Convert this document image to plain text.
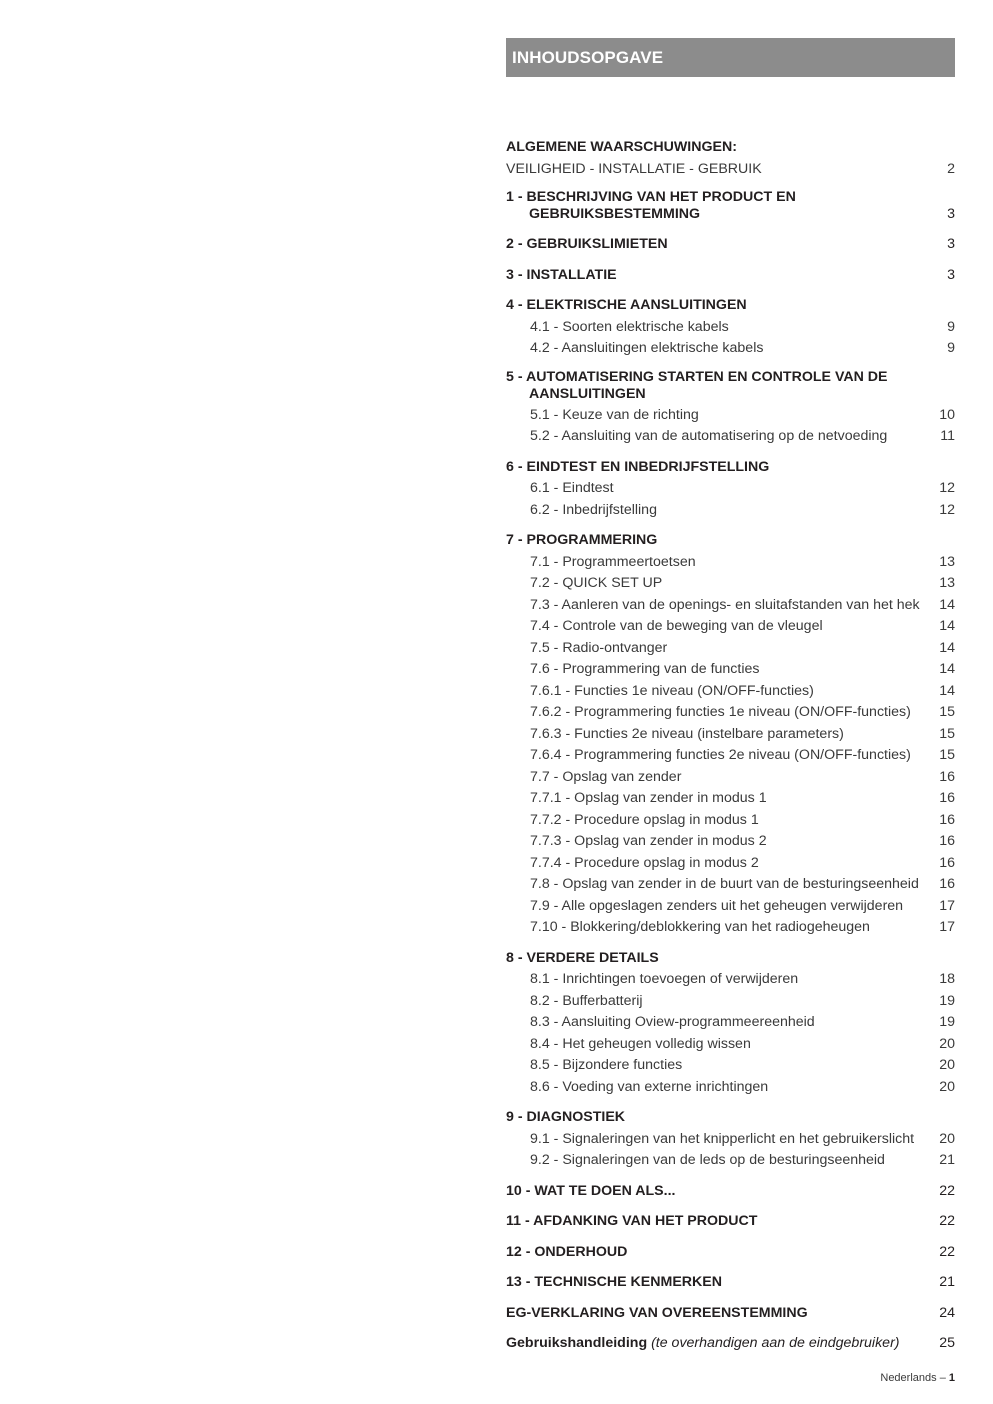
INHOUDSOPGAVE
ALGEMENE WAARSCHUWINGEN:
VEILIGHEID - INSTALLATIE - GEBRUIK	2
1 - BESCHRIJVING VAN HET PRODUCT EN
GEBRUIKSBESTEMMING	3
2 - GEBRUIKSLIMIETEN	3
3 - INSTALLATIE	3
4 - ELEKTRISCHE AANSLUITINGEN
4.1 - Soorten elektrische kabels	9
4.2 - Aansluitingen elektrische kabels	9
5 - AUTOMATISERING STARTEN EN CONTROLE VAN DE
AANSLUITINGEN
5.1 - Keuze van de richting	10
5.2 - Aansluiting van de automatisering op de netvoeding	11
6 - EINDTEST EN INBEDRIJFSTELLING
6.1 - Eindtest	12
6.2 - Inbedrijfstelling	12
7 - PROGRAMMERING
7.1 - Programmeertoetsen	13
7.2 - QUICK SET UP	13
7.3 - Aanleren van de openings- en sluitafstanden van het hek	14
7.4 - Controle van de beweging van de vleugel	14
7.5 - Radio-ontvanger	14
7.6 - Programmering van de functies	14
7.6.1 - Functies 1e niveau (ON/OFF-functies)	14
7.6.2 - Programmering functies 1e niveau (ON/OFF-functies)	15
7.6.3 - Functies 2e niveau (instelbare parameters)	15
7.6.4 - Programmering functies 2e niveau (ON/OFF-functies)	15
7.7 - Opslag van zender	16
7.7.1 - Opslag van zender in modus 1	16
7.7.2 - Procedure opslag in modus 1	16
7.7.3 - Opslag van zender in modus 2	16
7.7.4 - Procedure opslag in modus 2	16
7.8 - Opslag van zender in de buurt van de besturingseenheid	16
7.9 - Alle opgeslagen zenders uit het geheugen verwijderen	17
7.10 - Blokkering/deblokkering van het radiogeheugen	17
8 - VERDERE DETAILS
8.1 - Inrichtingen toevoegen of verwijderen	18
8.2 - Bufferbatterij	19
8.3 - Aansluiting Oview-programmeereenheid	19
8.4 - Het geheugen volledig wissen	20
8.5 - Bijzondere functies	20
8.6 - Voeding van externe inrichtingen	20
9 - DIAGNOSTIEK
9.1 - Signaleringen van het knipperlicht en het gebruikerslicht	20
9.2 - Signaleringen van de leds op de besturingseenheid	21
10 - WAT TE DOEN ALS...	22
11 - AFDANKING VAN HET PRODUCT	22
12 - ONDERHOUD	22
13 - TECHNISCHE KENMERKEN	21
EG-VERKLARING VAN OVEREENSTEMMING	24
Gebruikshandleiding (te overhandigen aan de eindgebruiker)	25
Nederlands – 1
